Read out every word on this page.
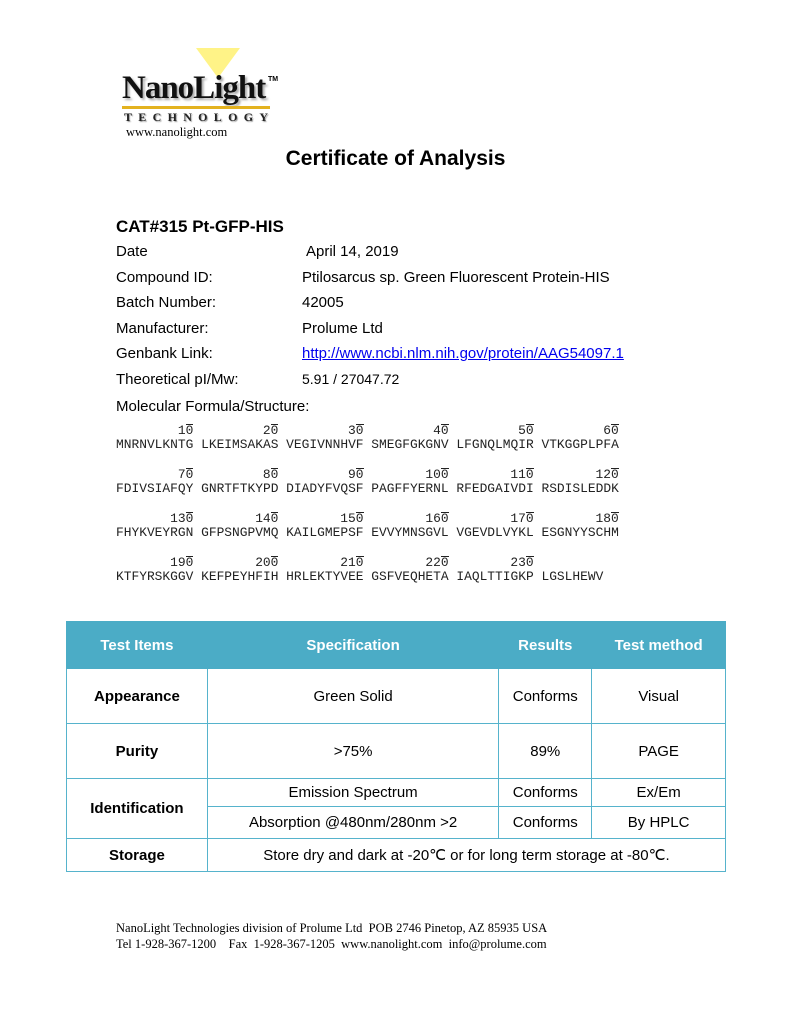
NanoLight TM
TECHNOLOGY
www.nanolight.com
Certificate of Analysis
CAT#315 Pt-GFP-HIS
Date	April 14, 2019
Compound ID:	Ptilosarcus sp. Green Fluorescent Protein-HIS
Batch Number:	42005
Manufacturer:	Prolume Ltd
Genbank Link:	http://www.ncbi.nlm.nih.gov/protein/AAG54097.1
Theoretical pI/Mw:	5.91 / 27047.72
Molecular Formula/Structure:
10	20	30	40	50	60
MNRNVLKNTG LKEIMSAKAS VEGIVNNHVF SMEGFGKGNV LFGNQLMQIR VTKGGPLPFA
70	80	90	100	110	120
FDIVSIAFQY GNRTFTKYPD DIADYFVQSF PAGFFYERNL RFEDGAIVDI RSDISLEDDK
130	140	150	160	170	180
FHYKVEYRGN GFPSNGPVMQ KAILGMEPSF EVVYMNSGVL VGEVDLVYKL ESGNYYSCHM
190	200	210	220	230
KTFYRSKGGV KEFPEYHFIH HRLEKTYVEE GSFVEQHETA IAQLTTIGKP LGSLHEWV
Test Items	Specification	Results	Test method
Appearance	Green Solid	Conforms	Visual
Purity	>75%	89%	PAGE
Identification	Emission Spectrum	Conforms	Ex/Em
	Absorption @480nm/280nm >2	Conforms	By HPLC
Storage	Store dry and dark at -20℃ or for long term storage at -80℃.		
NanoLight Technologies division of Prolume Ltd  POB 2746 Pinetop, AZ 85935 USA
Tel 1-928-367-1200    Fax  1-928-367-1205  www.nanolight.com  info@prolume.com
